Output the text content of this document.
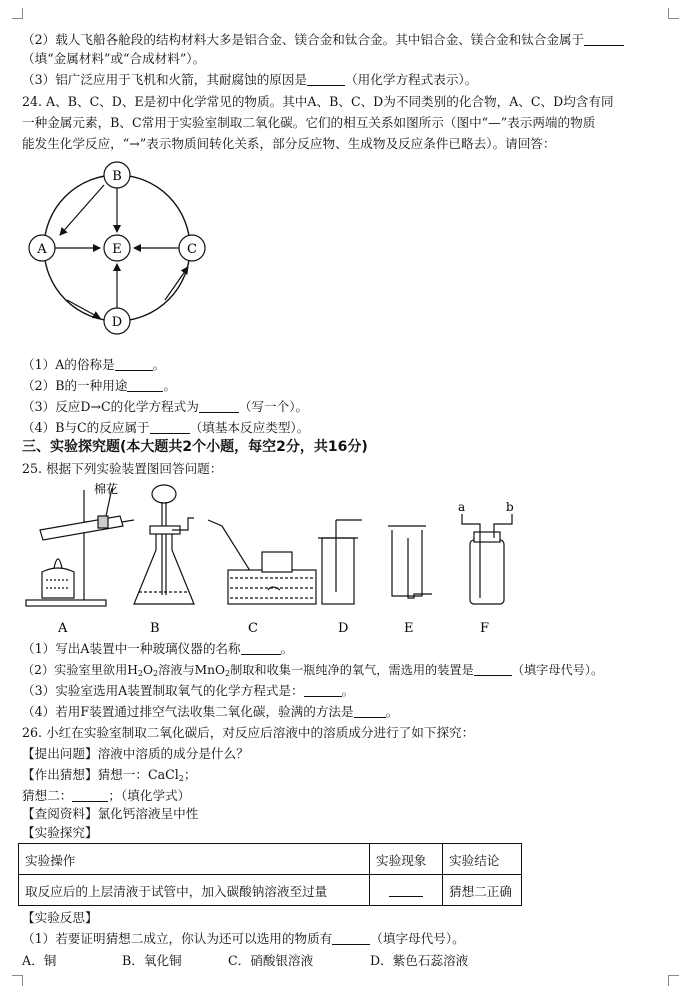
（2）载人飞船各舱段的结构材料大多是铝合金、镁合金和钛合金。其中铝合金、镁合金和钛合金属于
（填“金属材料”或“合成材料”）。
（3）铝广泛应用于飞机和火箭，其耐腐蚀的原因是	（用化学方程式表示）。
24. A、B、C、D、E是初中化学常见的物质。其中A、B、C、D为不同类别的化合物，A、C、D均含有同
一种金属元素，B、C常用于实验室制取二氧化碳。它们的相互关系如图所示（图中“—”表示两端的物质
能发生化学反应，“→”表示物质间转化关系，部分反应物、生成物及反应条件已略去）。请回答：
B
E
A	C
D
（1）A的俗称是	。
（2）B的一种用途	。
（3）反应D→C的化学方程式为	（写一个）。
（4）B与C的反应属于	（填基本反应类型）。
三、实验探究题(本大题共2个小题，每空2分，共16分)
25. 根据下列实验装置图回答问题：
棉花
a	b
A	B	C	D	E	F
（1）写出A装置中一种玻璃仪器的名称	。
（2）实验室里欲用$H_2O_2$溶液与MnO$_2$制取和收集一瓶纯净的氧气，需选用的装置是	（填字母代号）。
（3）实验室选用A装置制取氧气的化学方程式是：	。
（4）若用F装置通过排空气法收集二氧化碳，验满的方法是	。
26. 小红在实验室制取二氧化碳后，对反应后溶液中的溶质成分进行了如下探究：
【提出问题】溶液中溶质的成分是什么？
【作出猜想】猜想一：CaCl$_2$；
猜想二：	；（填化学式）
【查阅资料】氯化钙溶液呈中性
【实验探究】
实验操作	实验现象	实验结论
取反应后的上层清液于试管中，加入碳酸钠溶液至过量		猜想二正确
【实验反思】
（1）若要证明猜想二成立，你认为还可以选用的物质有	（填字母代号）。
A．铜	B．氧化铜	C．硝酸银溶液	D．紫色石蕊溶液
